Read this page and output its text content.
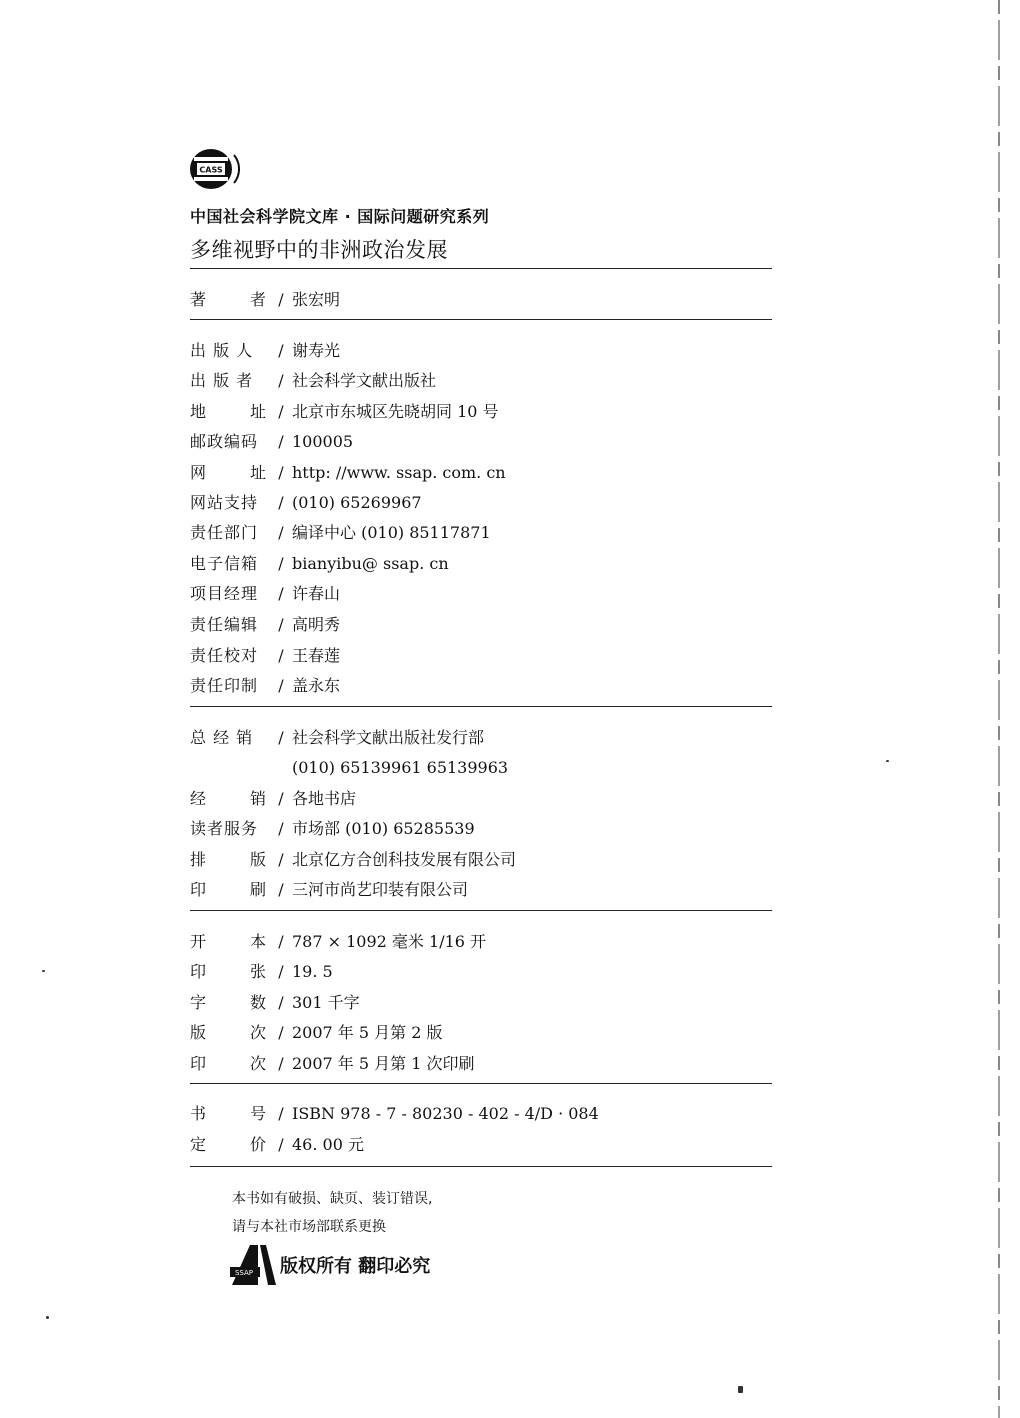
CASS
中国社会科学院文库 · 国际问题研究系列
多维视野中的非洲政治发展
著	者 / 张宏明
出 版 人 / 谢寿光
出 版 者 / 社会科学文献出版社
地	址 / 北京市东城区先晓胡同 10 号
邮政编码 / 100005
网	址 / http: //www. ssap. com. cn
网站支持 / (010) 65269967
责任部门 / 编译中心 (010) 85117871
电子信箱 / bianyibu@ ssap. cn
项目经理 / 许春山
责任编辑 / 高明秀
责任校对 / 王春莲
责任印制 / 盖永东
总 经 销 / 社会科学文献出版社发行部
(010) 65139961 65139963
经	销 / 各地书店
读者服务 / 市场部 (010) 65285539
排	版 / 北京亿方合创科技发展有限公司
印	刷 / 三河市尚艺印装有限公司
开	本 / 787 × 1092 毫米 1/16 开
印	张 / 19. 5
字	数 / 301 千字
版	次 / 2007 年 5 月第 2 版
印	次 / 2007 年 5 月第 1 次印刷
书	号 / ISBN 978 - 7 - 80230 - 402 - 4/D · 084
定	价 / 46. 00 元
本书如有破损、缺页、装订错误,
请与本社市场部联系更换
SSAP 版权所有 翻印必究
